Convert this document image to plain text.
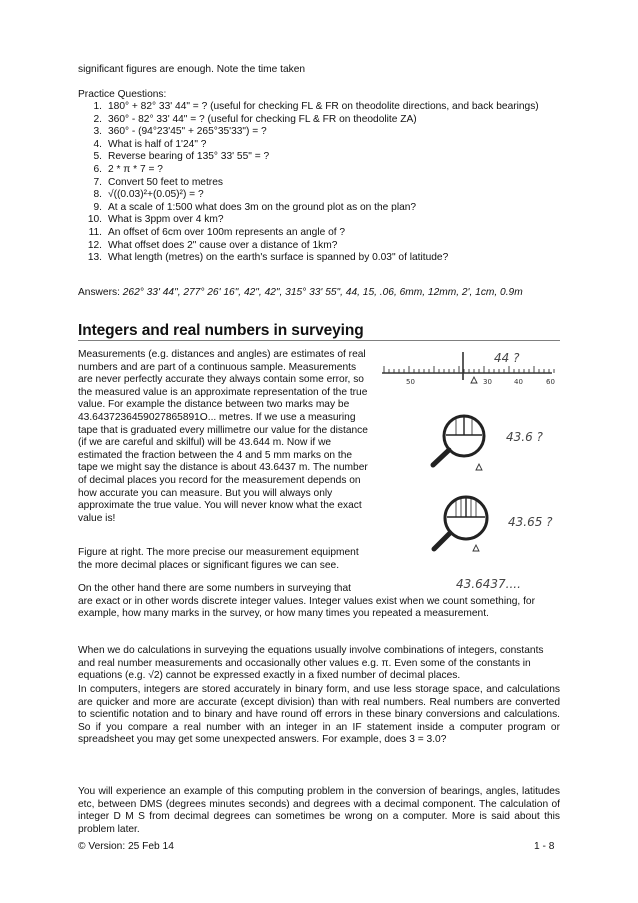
significant figures are enough. Note the time taken
Practice Questions:
1. 180° + 82° 33' 44" = ? (useful for checking FL & FR on theodolite directions, and back bearings)
2. 360° - 82° 33' 44" = ? (useful for checking FL & FR on theodolite ZA)
3. 360° - (94°23'45" + 265°35'33") = ?
4. What is half of 1'24" ?
5. Reverse bearing of 135° 33' 55" = ?
6. 2 * π * 7 = ?
7. Convert 50 feet to metres
8. √((0.03)²+(0.05)²) = ?
9. At a scale of 1:500 what does 3m on the ground plot as on the plan?
10. What is 3ppm over 4 km?
11. An offset of 6cm over 100m represents an angle of ?
12. What offset does 2" cause over a distance of 1km?
13. What length (metres) on the earth's surface is spanned by 0.03" of latitude?
Answers: 262° 33' 44", 277° 26' 16", 42", 42", 315° 33' 55", 44, 15, .06, 6mm, 12mm, 2', 1cm, 0.9m
Integers and real numbers in surveying
Measurements (e.g. distances and angles) are estimates of real numbers and are part of a continuous sample. Measurements are never perfectly accurate they always contain some error, so the measured value is an approximate representation of the true value. For example the distance between two marks may be 43.6437236459027865891O... metres. If we use a measuring tape that is graduated every millimetre our value for the distance (if we are careful and skilful) will be 43.644 m. Now if we estimated the fraction between the 4 and 5 mm marks on the tape we might say the distance is about 43.6437 m. The number of decimal places you record for the measurement depends on how accurate you can measure. But you will always only approximate the true value. You will never know what the exact value is!
Figure at right. The more precise our measurement equipment the more decimal places or significant figures we can see.
On the other hand there are some numbers in surveying that
are exact or in other words discrete integer values. Integer values exist when we count something, for example, how many marks in the survey, or how many times you repeated a measurement.
When we do calculations in surveying the equations usually involve combinations of integers, constants and real number measurements and occasionally other values e.g. π. Even some of the constants in equations (e.g. √2) cannot be expressed exactly in a fixed number of decimal places.
In computers, integers are stored accurately in binary form, and use less storage space, and calculations are quicker and more are accurate (except division) than with real numbers. Real numbers are converted to scientific notation and to binary and have round off errors in these binary conversions and calculations. So if you compare a real number with an integer in an IF statement inside a computer program or spreadsheet you may get some unexpected answers. For example, does 3 = 3.0?
You will experience an example of this computing problem in the conversion of bearings, angles, latitudes etc, between DMS (degrees minutes seconds) and degrees with a decimal component. The calculation of integer D M S from decimal degrees can sometimes be wrong on a computer. More is said about this problem later.
© Version: 25 Feb 14	1 - 8
30	40
50	60
44 ?
43.6 ?
43.65 ?
43.6437....
